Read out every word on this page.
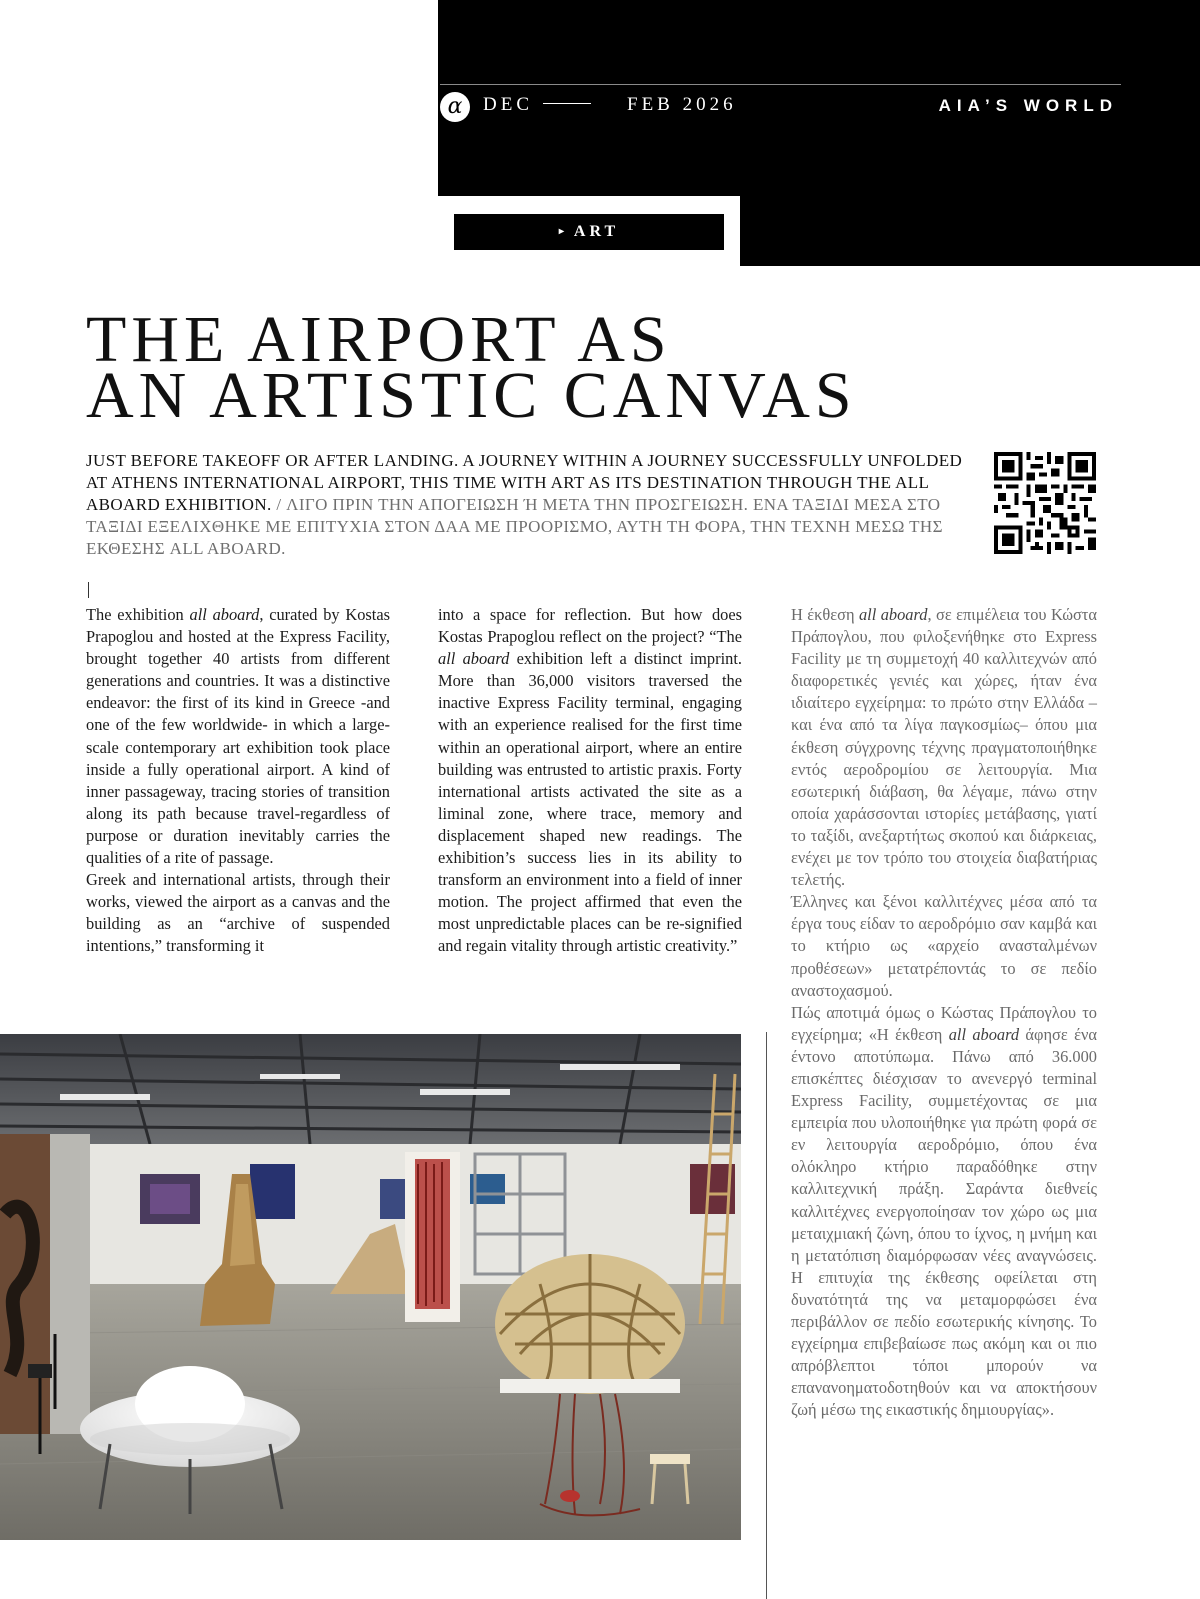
α	DEC	FEB 2026	AIA’S WORLD
▸ ART
THE AIRPORT AS
AN ARTISTIC CANVAS
JUST BEFORE TAKEOFF OR AFTER LANDING. A JOURNEY WITHIN A JOURNEY SUCCESSFULLY UNFOLDED AT ATHENS INTERNATIONAL AIRPORT, THIS TIME WITH ART AS ITS DESTINATION THROUGH THE ALL ABOARD EXHIBITION. / ΛΙΓΟ ΠΡΙΝ ΤΗΝ ΑΠΟΓΕΙΩΣΗ Ή ΜΕΤΑ ΤΗΝ ΠΡΟΣΓΕΙΩΣΗ. ΕΝΑ ΤΑΞΙΔΙ ΜΕΣΑ ΣΤΟ ΤΑΞΙΔΙ ΕΞΕΛΙΧΘΗΚΕ ΜΕ ΕΠΙΤΥΧΙΑ ΣΤΟΝ ΔΑΑ ΜΕ ΠΡΟΟΡΙΣΜΟ, ΑΥΤΗ ΤΗ ΦΟΡΑ, ΤΗΝ ΤΕΧΝΗ ΜΕΣΩ ΤΗΣ ΕΚΘΕΣΗΣ ALL ABOARD.

The exhibition all aboard, curated by Kostas Prapoglou and hosted at the Express Facility, brought together 40 artists from different generations and countries. It was a distinctive endeavor: the first of its kind in Greece -and one of the few worldwide- in which a large-scale contemporary art exhibition took place inside a fully operational airport. A kind of inner passageway, tracing stories of transition along its path because travel-regardless of purpose or duration inevitably carries the qualities of a rite of passage.

Greek and international artists, through their works, viewed the airport as a canvas and the building as an “archive of suspended intentions,” transforming it

into a space for reflection. But how does Kostas Prapoglou reflect on the project? “The all aboard exhibition left a distinct imprint. More than 36,000 visitors traversed the inactive Express Facility terminal, engaging with an experience realised for the first time within an operational airport, where an entire building was entrusted to artistic praxis. Forty international artists activated the site as a liminal zone, where trace, memory and displacement shaped new readings. The exhibition’s success lies in its ability to transform an environment into a field of inner motion. The project affirmed that even the most unpredictable places can be re-signified and regain vitality through artistic creativity.”

Η έκθεση all aboard, σε επιμέλεια του Κώστα Πράπογλου, που φιλοξενήθηκε στο Express Facility με τη συμμετοχή 40 καλλιτεχνών από διαφορετικές γενιές και χώρες, ήταν ένα ιδιαίτερο εγχείρημα: το πρώτο στην Ελλάδα –και ένα από τα λίγα παγκοσμίως– όπου μια έκθεση σύγχρονης τέχνης πραγματοποιήθηκε εντός αεροδρομίου σε λειτουργία. Μια εσωτερική διάβαση, θα λέγαμε, πάνω στην οποία χαράσσονται ιστορίες μετάβασης, γιατί το ταξίδι, ανεξαρτήτως σκοπού και διάρκειας, ενέχει με τον τρόπο του στοιχεία διαβατήριας τελετής.

Έλληνες και ξένοι καλλιτέχνες μέσα από τα έργα τους είδαν το αεροδρόμιο σαν καμβά και το κτήριο ως «αρχείο ανασταλμένων προθέσεων» μετατρέποντάς το σε πεδίο αναστοχασμού.

Πώς αποτιμά όμως ο Κώστας Πράπογλου το εγχείρημα; «Η έκθεση all aboard άφησε ένα έντονο αποτύπωμα. Πάνω από 36.000 επισκέπτες διέσχισαν το ανενεργό terminal Express Facility, συμμετέχοντας σε μια εμπειρία που υλοποιήθηκε για πρώτη φορά σε εν λειτουργία αεροδρόμιο, όπου ένα ολόκληρο κτήριο παραδόθηκε στην καλλιτεχνική πράξη. Σαράντα διεθνείς καλλιτέχνες ενεργοποίησαν τον χώρο ως μια μεταιχμιακή ζώνη, όπου το ίχνος, η μνήμη και η μετατόπιση διαμόρφωσαν νέες αναγνώσεις. Η επιτυχία της έκθεσης οφείλεται στη δυνατότητά της να μεταμορφώσει ένα περιβάλλον σε πεδίο εσωτερικής κίνησης. Το εγχείρημα επιβεβαίωσε πως ακόμη και οι πιο απρόβλεπτοι τόποι μπορούν να επανανοηματοδοτηθούν και να αποκτήσουν ζωή μέσω της εικαστικής δημιουργίας».
